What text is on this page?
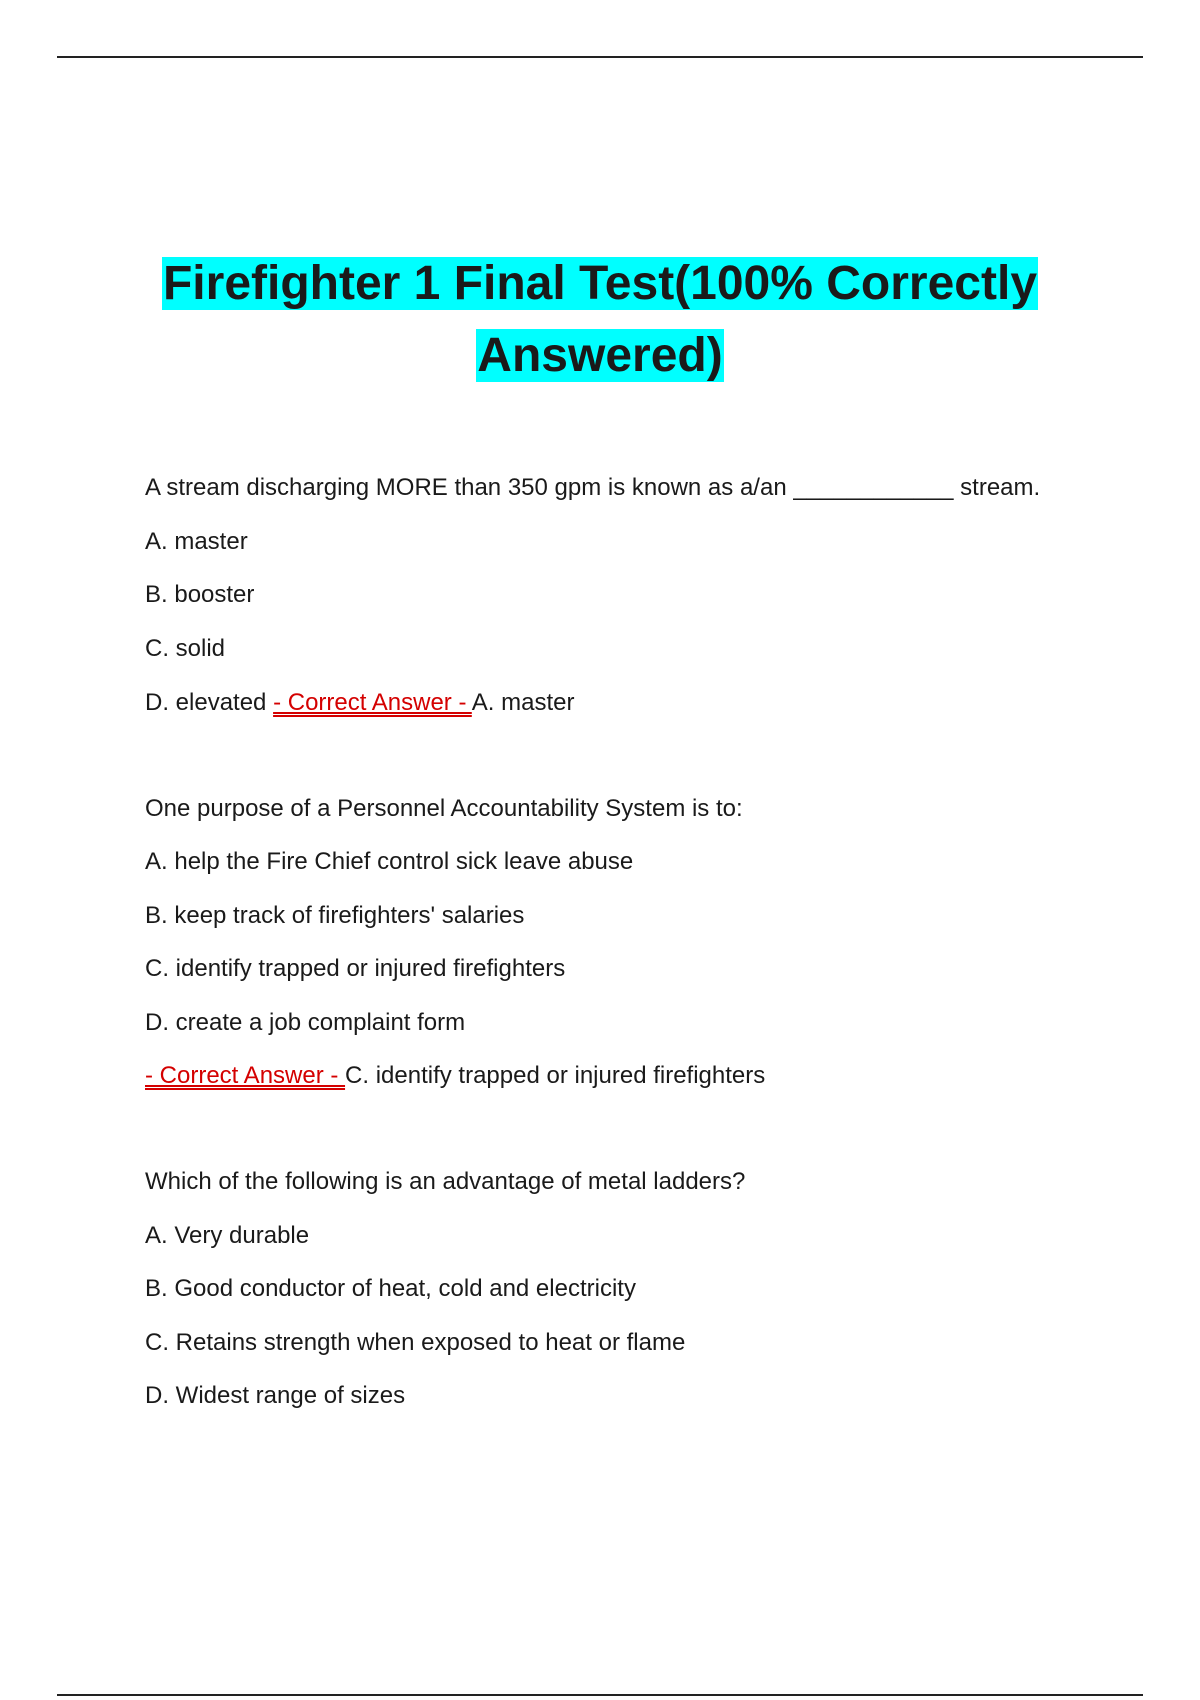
Firefighter 1 Final Test(100% Correctly
Answered)
A stream discharging MORE than 350 gpm is known as a/an ____________ stream.
A. master
B. booster
C. solid
D. elevated - Correct Answer - A. master
One purpose of a Personnel Accountability System is to:
A. help the Fire Chief control sick leave abuse
B. keep track of firefighters' salaries
C. identify trapped or injured firefighters
D. create a job complaint form
- Correct Answer - C. identify trapped or injured firefighters
Which of the following is an advantage of metal ladders?
A. Very durable
B. Good conductor of heat, cold and electricity
C. Retains strength when exposed to heat or flame
D. Widest range of sizes
